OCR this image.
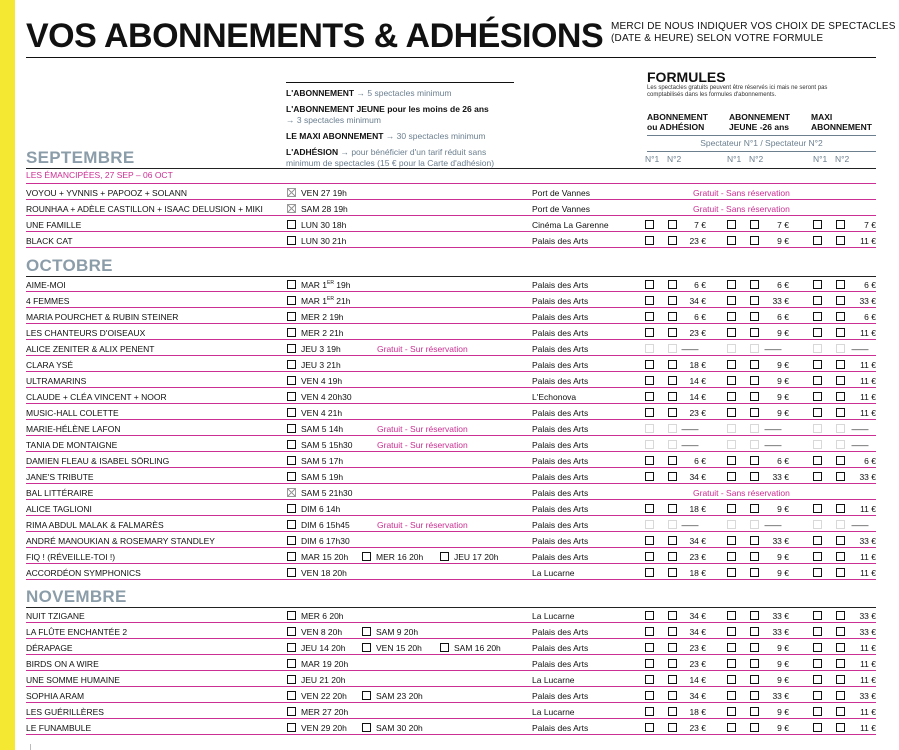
VOS ABONNEMENTS & ADHÉSIONS MERCI DE NOUS INDIQUER VOS CHOIX DE SPECTACLES
(DATE & HEURE) SELON VOTRE FORMULE
L'ABONNEMENT → 5 spectacles minimum
L'ABONNEMENT JEUNE pour les moins de 26 ans
→ 3 spectacles minimum
LE MAXI ABONNEMENT → 30 spectacles minimum
L'ADHÉSION → pour bénéficier d'un tarif réduit sans minimum de spectacles (15 € pour la Carte d'adhésion)
FORMULES
Les spectacles gratuits peuvent être réservés ici mais ne seront pas comptabilisés dans les formules d'abonnements.
ABONNEMENT
ou ADHÉSION
ABONNEMENT
JEUNE -26 ans
MAXI
ABONNEMENT
Spectateur N°1 / Spectateur N°2
N°1 N°2	N°1 N°2	N°1 N°2
SEPTEMBRE
LES ÉMANCIPÉES, 27 SEP – 06 OCT
OCTOBRE
NOVEMBRE
VOYOU + YVNNIS + PAPOOZ + SOLANN	VEN 27 19h	Port de Vannes	Gratuit - Sans réservation
ROUNHAA + ADÈLE CASTILLON + ISAAC DELUSION + MIKI	SAM 28 19h	Port de Vannes	Gratuit - Sans réservation
UNE FAMILLE	LUN 30 18h	Cinéma La Garenne	7 €	7 €	7 €
BLACK CAT	LUN 30 21h	Palais des Arts	23 €	9 €	11 €
AIME-MOI	MAR 1ER 19h	Palais des Arts	6 €	6 €	6 €
4 FEMMES	MAR 1ER 21h	Palais des Arts	34 €	33 €	33 €
MARIA POURCHET & RUBIN STEINER	MER 2 19h	Palais des Arts	6 €	6 €	6 €
LES CHANTEURS D'OISEAUX	MER 2 21h	Palais des Arts	23 €	9 €	11 €
ALICE ZENITER & ALIX PENENT	JEU 3 19h	Gratuit - Sur réservation	Palais des Arts	——	——	——
CLARA YSÉ	JEU 3 21h	Palais des Arts	18 €	9 €	11 €
ULTRAMARINS	VEN 4 19h	Palais des Arts	14 €	9 €	11 €
CLAUDE + CLÉA VINCENT + NOOR	VEN 4 20h30	L'Echonova	14 €	9 €	11 €
MUSIC-HALL COLETTE	VEN 4 21h	Palais des Arts	23 €	9 €	11 €
MARIE-HÉLÈNE LAFON	SAM 5 14h	Gratuit - Sur réservation	Palais des Arts	——	——	——
TANIA DE MONTAIGNE	SAM 5 15h30	Gratuit - Sur réservation	Palais des Arts	——	——	——
DAMIEN FLEAU & ISABEL SÖRLING	SAM 5 17h	Palais des Arts	6 €	6 €	6 €
JANE'S TRIBUTE	SAM 5 19h	Palais des Arts	34 €	33 €	33 €
BAL LITTÉRAIRE	SAM 5 21h30	Palais des Arts	Gratuit - Sans réservation
ALICE TAGLIONI	DIM 6 14h	Palais des Arts	18 €	9 €	11 €
RIMA ABDUL MALAK & FALMARÈS	DIM 6 15h45	Gratuit - Sur réservation	Palais des Arts	——	——	——
ANDRÉ MANOUKIAN & ROSEMARY STANDLEY	DIM 6 17h30	Palais des Arts	34 €	33 €	33 €
FIQ ! (RÉVEILLE-TOI !)	MAR 15 20h	MER 16 20h	JEU 17 20h	Palais des Arts	23 €	9 €	11 €
ACCORDÉON SYMPHONICS	VEN 18 20h	La Lucarne	18 €	9 €	11 €
NUIT TZIGANE	MER 6 20h	La Lucarne	34 €	33 €	33 €
LA FLÛTE ENCHANTÉE 2	VEN 8 20h	SAM 9 20h	Palais des Arts	34 €	33 €	33 €
DÉRAPAGE	JEU 14 20h	VEN 15 20h	SAM 16 20h	Palais des Arts	23 €	9 €	11 €
BIRDS ON A WIRE	MAR 19 20h	Palais des Arts	23 €	9 €	11 €
UNE SOMME HUMAINE	JEU 21 20h	La Lucarne	14 €	9 €	11 €
SOPHIA ARAM	VEN 22 20h	SAM 23 20h	Palais des Arts	34 €	33 €	33 €
LES GUÉRILLÈRES	MER 27 20h	La Lucarne	18 €	9 €	11 €
LE FUNAMBULE	VEN 29 20h	SAM 30 20h	Palais des Arts	23 €	9 €	11 €
